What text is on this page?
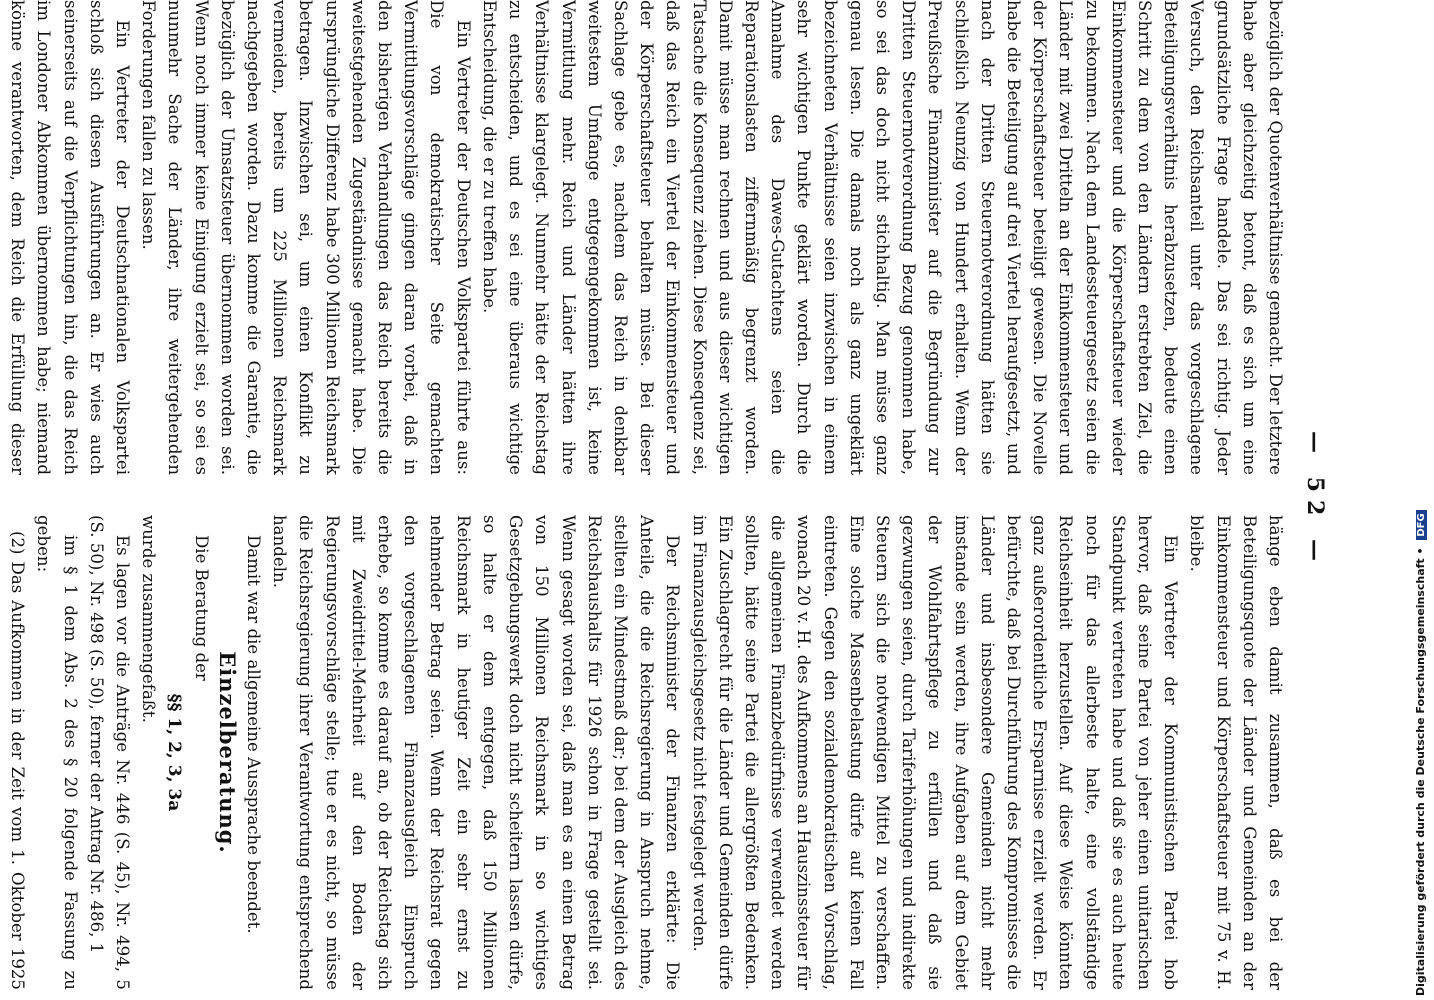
— 52 —

bezüglich der Quotenverhältnisse gemacht. Der letztere habe aber gleichzeitig betont, daß es sich um eine grundsätzliche Frage handele. Das sei richtig. Jeder Versuch, den Reichsanteil unter das vorgeschlagene Beteiligungsverhältnis herabzusetzen, bedeute einen Schritt zu dem von den Ländern erstrebten Ziel, die Einkommensteuer und die Körperschaftsteuer wieder zu bekommen. Nach dem Landessteuergesetz seien die Länder mit zwei Dritteln an der Einkommensteuer und der Körperschaftsteuer beteiligt gewesen. Die Novelle habe die Beteiligung auf drei Viertel heraufgesetzt, und nach der Dritten Steuernotverordnung hätten sie schließlich Neunzig von Hundert erhalten. Wenn der Preußische Finanzminister auf die Begründung zur Dritten Steuernotverordnung Bezug genommen habe, so sei das doch nicht stichhaltig. Man müsse ganz genau lesen. Die damals noch als ganz ungeklärt bezeichneten Verhältnisse seien inzwischen in einem sehr wichtigen Punkte geklärt worden. Durch die Annahme des Dawes-Gutachtens seien die Reparationslasten ziffernmäßig begrenzt worden. Damit müsse man rechnen und aus dieser wichtigen Tatsache die Konsequenz ziehen. Diese Konsequenz sei, daß das Reich ein Viertel der Einkommensteuer und der Körperschaftsteuer behalten müsse. Bei dieser Sachlage gebe es, nachdem das Reich in denkbar weitestem Umfange entgegengekommen ist, keine Vermittlung mehr. Reich und Länder hätten ihre Verhältnisse klargelegt. Nunmehr hätte der Reichstag zu entscheiden, und es sei eine überaus wichtige Entscheidung, die er zu treffen habe.

Ein Vertreter der Deutschen Volkspartei führte aus: Die von demokratischer Seite gemachten Vermittlungsvorschläge gingen daran vorbei, daß in den bisherigen Verhandlungen das Reich bereits die weitestgehenden Zugeständnisse gemacht habe. Die ursprüngliche Differenz habe 300 Millionen Reichsmark betragen. Inzwischen sei, um einen Konflikt zu vermeiden, bereits um 225 Millionen Reichsmark nachgegeben worden. Dazu komme die Garantie, die bezüglich der Umsatzsteuer übernommen worden sei. Wenn noch immer keine Einigung erzielt sei, so sei es nunmehr Sache der Länder, ihre weitergehenden Forderungen fallen zu lassen.

Ein Vertreter der Deutschnationalen Volkspartei schloß sich diesen Ausführungen an. Er wies auch seinerseits auf die Verpflichtungen hin, die das Reich im Londoner Abkommen übernommen habe; niemand könne verantworten, dem Reich die Erfüllung dieser

hänge eben damit zusammen, daß es bei der Beteiligungsquote der Länder und Gemeinden an der Einkommensteuer und Körperschaftsteuer mit 75 v. H. bleibe.

Ein Vertreter der Kommunistischen Partei hob hervor, daß seine Partei von jeher einen unitarischen Standpunkt vertreten habe und daß sie es auch heute noch für das allerbeste halte, eine vollständige Reichseinheit herzustellen. Auf diese Weise könnten ganz außerordentliche Ersparnisse erzielt werden. Er befürchte, daß bei Durchführung des Kompromisses die Länder und insbesondere Gemeinden nicht mehr imstande sein werden, ihre Aufgaben auf dem Gebiet der Wohlfahrtspflege zu erfüllen und daß sie gezwungen seien, durch Tariferhöhungen und indirekte Steuern sich die notwendigen Mittel zu verschaffen. Eine solche Massenbelastung dürfe auf keinen Fall eintreten. Gegen den sozialdemokratischen Vorschlag, wonach 20 v. H. des Aufkommens an Hauszinssteuer für die allgemeinen Finanzbedürfnisse verwendet werden sollten, hätte seine Partei die allergrößten Bedenken. Ein Zuschlagrecht für die Länder und Gemeinden dürfe im Finanzausgleichsgesetz nicht festgelegt werden.

Der Reichsminister der Finanzen erklärte: Die Anteile, die die Reichsregierung in Anspruch nehme, stellten ein Mindestmaß dar; bei dem der Ausgleich des Reichshaushalts für 1926 schon in Frage gestellt sei. Wenn gesagt worden sei, daß man es an einen Betrag von 150 Millionen Reichsmark in so wichtiges Gesetzgebungswerk doch nicht scheitern lassen dürfe, so halte er dem entgegen, daß 150 Millionen Reichsmark in heutiger Zeit ein sehr ernst zu nehmender Betrag seien. Wenn der Reichsrat gegen den vorgeschlagenen Finanzausgleich Einspruch erhebe, so komme es darauf an, ob der Reichstag sich mit Zweidrittel-Mehrheit auf den Boden der Regierungsvorschläge stelle; tue er es nicht, so müsse die Reichsregierung ihrer Verantwortung entsprechend handeln.

Damit war die allgemeine Aussprache beendet.

Einzelberatung.

Die Beratung der

§§ 1, 2, 3, 3a

wurde zusammengefaßt.

Es lagen vor die Anträge Nr. 446 (S. 45), Nr. 494, 5 (S. 50), Nr. 498 (S. 50), ferner der Antrag Nr. 486, 1

im § 1 dem Abs. 2 des § 20 folgende Fassung zu geben:

(2) Das Aufkommen in der Zeit vom 1. Oktober 1925	Digitalisierung gefördert durch die Deutsche Forschungsgemeinschaft • DFG
